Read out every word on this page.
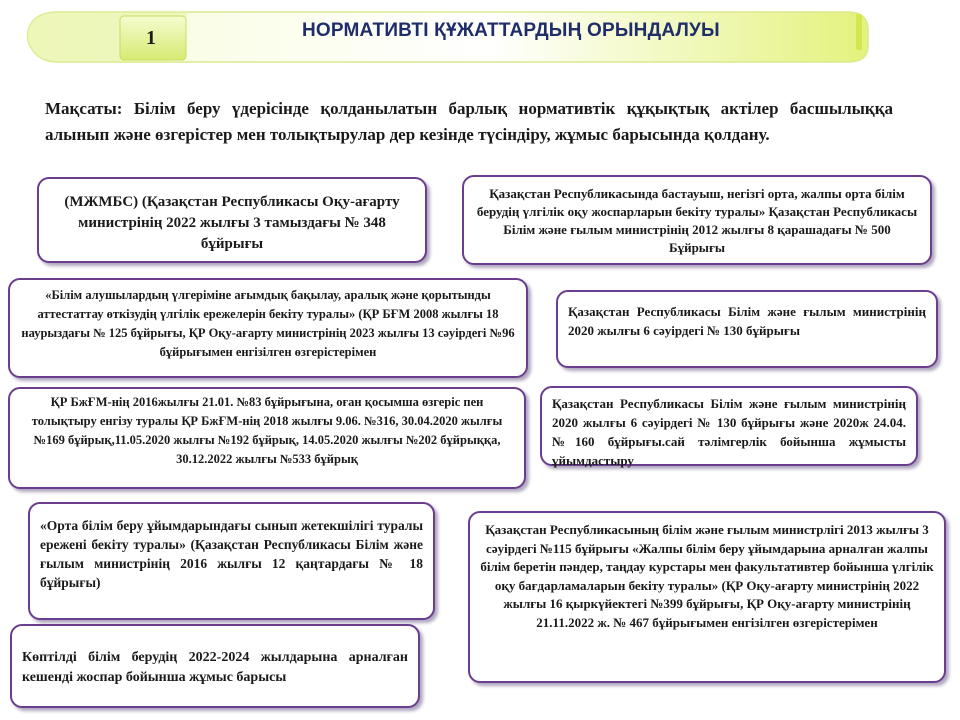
1	НОРМАТИВТІ ҚҰЖАТТАРДЫҢ ОРЫНДАЛУЫ
Мақсаты: Білім беру үдерісінде қолданылатын барлық нормативтік құқықтық актілер басшылыққа алынып және өзгерістер мен толықтырулар дер кезінде түсіндіру, жұмыс барысында қолдану.
(МЖМБС) (Қазақстан Республикасы Оқу-ағарту министрінің 2022 жылғы 3 тамыздағы № 348 бұйрығы
Қазақстан Республикасында бастауыш, негізгі орта, жалпы орта білім берудің үлгілік оқу жоспарларын бекіту туралы» Қазақстан Республикасы Білім және ғылым министрінің 2012 жылғы 8 қарашадағы № 500 Бұйрығы
«Білім алушылардың үлгеріміне ағымдық бақылау, аралық және қорытынды аттестаттау өткізудің үлгілік ережелерін бекіту туралы» (ҚР БҒМ 2008 жылғы 18 наурыздағы № 125 бұйрығы, ҚР Оқу-ағарту министрінің 2023 жылғы 13 сәуірдегі №96 бұйрығымен енгізілген өзгерістерімен
Қазақстан Республикасы Білім және ғылым министрінің 2020 жылғы 6 сәуірдегі № 130 бұйрығы
ҚР БжҒМ-нің 2016жылғы 21.01. №83 бұйрығына, оған қосымша өзгеріс пен толықтыру енгізу туралы ҚР БжҒМ-нің 2018 жылғы 9.06. №316, 30.04.2020 жылғы №169 бұйрық,11.05.2020 жылғы №192 бұйрық, 14.05.2020 жылғы №202 бұйрыққа, 30.12.2022 жылғы №533 бұйрық
Қазақстан Республикасы Білім және ғылым министрінің 2020 жылғы 6 сәуірдегі № 130 бұйрығы және 2020ж 24.04. №160 бұйрығы.сай тәлімгерлік бойынша жұмысты ұйымдастыру
«Орта білім беру ұйымдарындағы сынып жетекшілігі туралы ережені бекіту туралы» (Қазақстан Республикасы Білім және ғылым министрінің 2016 жылғы 12 қаңтардағы № 18 бұйрығы)
Қазақстан Республикасының білім және ғылым министрлігі 2013 жылғы 3 сәуірдегі №115 бұйрығы «Жалпы білім беру ұйымдарына арналған жалпы білім беретін пәндер, таңдау курстары мен факультативтер бойынша үлгілік оқу бағдарламаларын бекіту туралы» (ҚР Оқу-ағарту министрінің 2022 жылғы 16 қыркүйектегі №399 бұйрығы, ҚР Оқу-ағарту министрінің 21.11.2022 ж. № 467 бұйрығымен енгізілген өзгерістерімен
Көптілді білім берудің 2022-2024 жылдарына арналған кешенді жоспар бойынша жұмыс барысы
